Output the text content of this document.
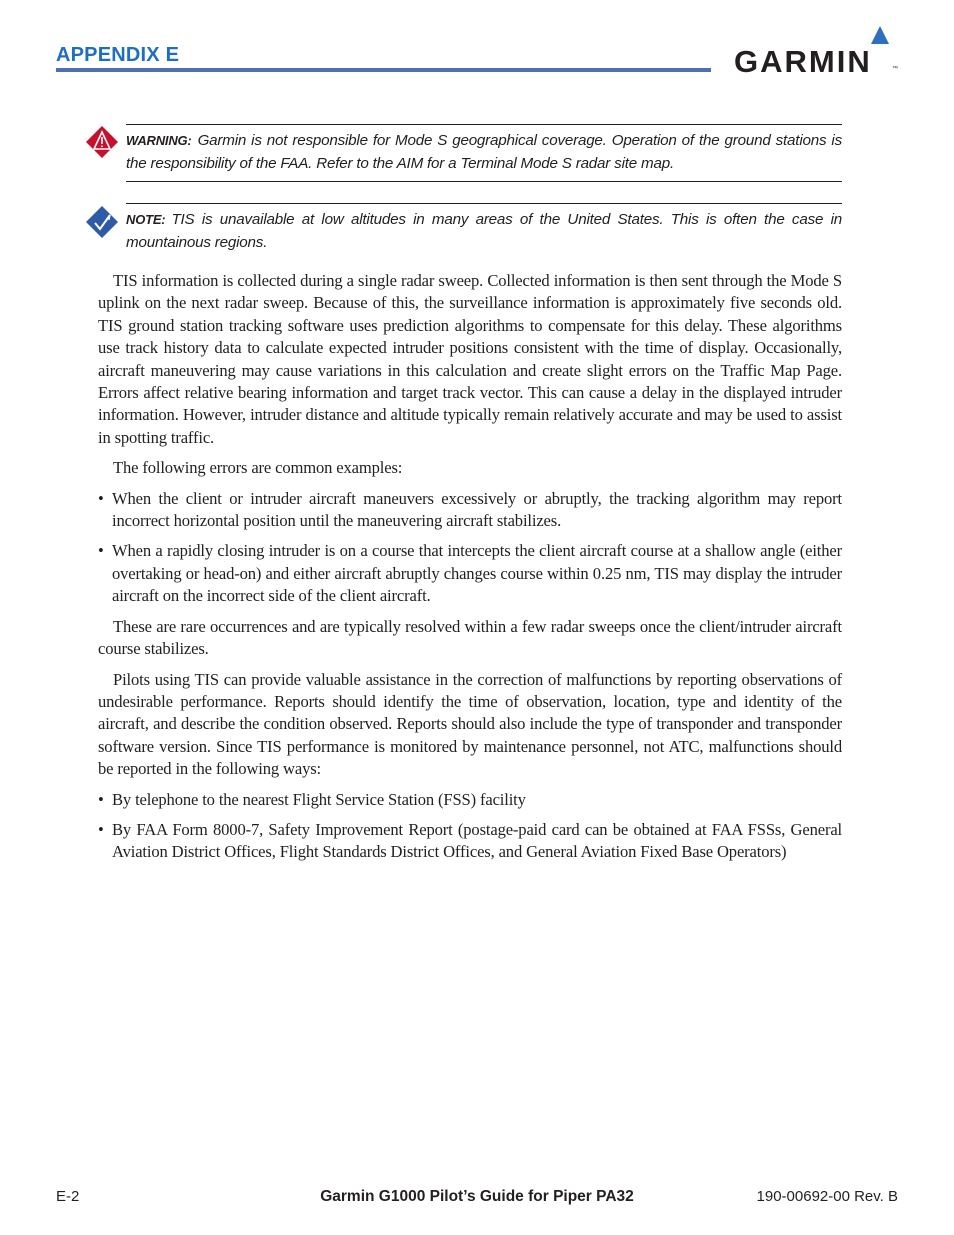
APPENDIX E	GARMIN	™
WARNING: Garmin is not responsible for Mode S geographical coverage. Operation of the ground stations is the responsibility of the FAA. Refer to the AIM for a Terminal Mode S radar site map.
NOTE: TIS is unavailable at low altitudes in many areas of the United States. This is often the case in mountainous regions.

TIS information is collected during a single radar sweep. Collected information is then sent through the Mode S uplink on the next radar sweep. Because of this, the surveillance information is approximately five seconds old. TIS ground station tracking software uses prediction algorithms to compensate for this delay. These algorithms use track history data to calculate expected intruder positions consistent with the time of display. Occasionally, aircraft maneuvering may cause variations in this calculation and create slight errors on the Traffic Map Page. Errors affect relative bearing information and target track vector. This can cause a delay in the displayed intruder information. However, intruder distance and altitude typically remain relatively accurate and may be used to assist in spotting traffic.

The following errors are common examples:

• When the client or intruder aircraft maneuvers excessively or abruptly, the tracking algorithm may report incorrect horizontal position until the maneuvering aircraft stabilizes.
• When a rapidly closing intruder is on a course that intercepts the client aircraft course at a shallow angle (either overtaking or head-on) and either aircraft abruptly changes course within 0.25 nm, TIS may display the intruder aircraft on the incorrect side of the client aircraft.

These are rare occurrences and are typically resolved within a few radar sweeps once the client/intruder aircraft course stabilizes.

Pilots using TIS can provide valuable assistance in the correction of malfunctions by reporting observations of undesirable performance. Reports should identify the time of observation, location, type and identity of the aircraft, and describe the condition observed. Reports should also include the type of transponder and transponder software version. Since TIS performance is monitored by maintenance personnel, not ATC, malfunctions should be reported in the following ways:

• By telephone to the nearest Flight Service Station (FSS) facility
• By FAA Form 8000-7, Safety Improvement Report (postage-paid card can be obtained at FAA FSSs, General Aviation District Offices, Flight Standards District Offices, and General Aviation Fixed Base Operators)
E-2	Garmin G1000 Pilot’s Guide for Piper PA32	190-00692-00 Rev. B
